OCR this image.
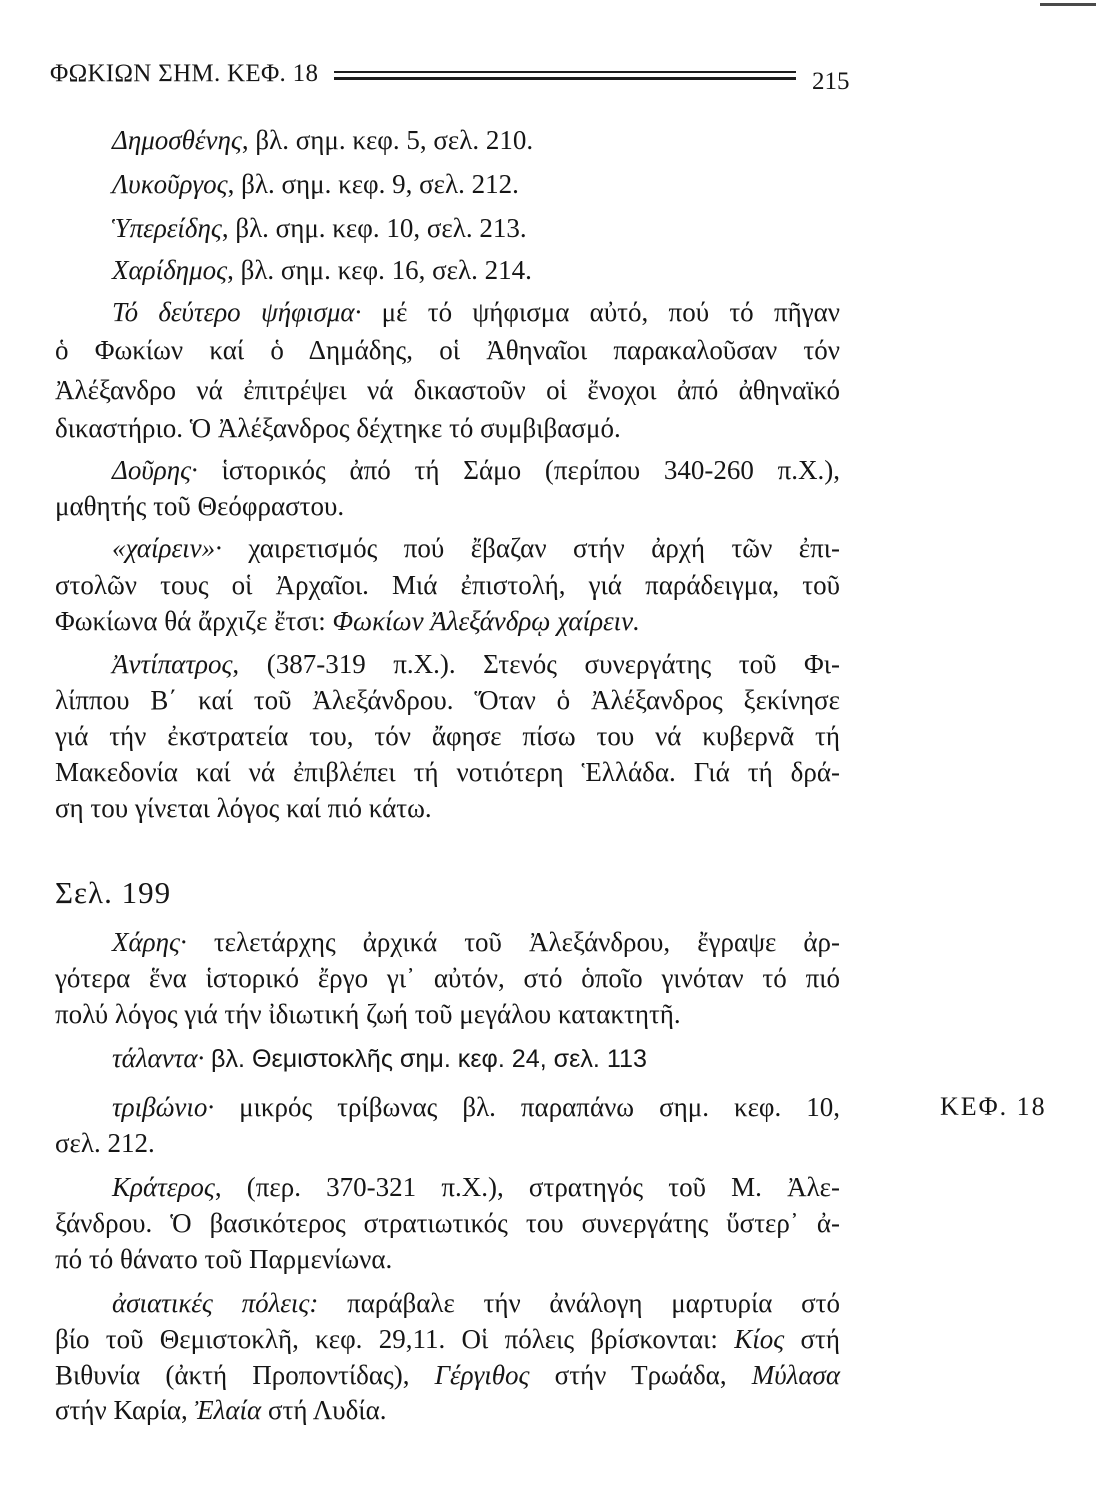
ΦΩΚΙΩΝ ΣΗΜ. ΚΕΦ. 18	215
Δημοσθένης, βλ. σημ. κεφ. 5, σελ. 210.
Λυκοῦργος, βλ. σημ. κεφ. 9, σελ. 212.
Ὑπερείδης, βλ. σημ. κεφ. 10, σελ. 213.
Χαρίδημος, βλ. σημ. κεφ. 16, σελ. 214.
Τό δεύτερο ψήφισμα· μέ τό ψήφισμα αὐτό, πού τό πῆγαν
ὁ Φωκίων καί ὁ Δημάδης, οἱ Ἀθηναῖοι παρακαλοῦσαν τόν
Ἀλέξανδρο νά ἐπιτρέψει νά δικαστοῦν οἱ ἔνοχοι ἀπό ἀθηναϊκό
δικαστήριο. Ὁ Ἀλέξανδρος δέχτηκε τό συμβιβασμό.
Δοῦρης· ἱστορικός ἀπό τή Σάμο (περίπου 340-260 π.Χ.),
μαθητής τοῦ Θεόφραστου.
«χαίρειν»· χαιρετισμός πού ἔβαζαν στήν ἀρχή τῶν ἐπι-
στολῶν τους οἱ Ἀρχαῖοι. Μιά ἐπιστολή, γιά παράδειγμα, τοῦ
Φωκίωνα θά ἄρχιζε ἔτσι: Φωκίων Ἀλεξάνδρῳ χαίρειν.
Ἀντίπατρος, (387-319 π.Χ.). Στενός συνεργάτης τοῦ Φι-
λίππου Β΄ καί τοῦ Ἀλεξάνδρου. Ὅταν ὁ Ἀλέξανδρος ξεκίνησε
γιά τήν ἐκστρατεία του, τόν ἄφησε πίσω του νά κυβερνᾶ τή
Μακεδονία καί νά ἐπιβλέπει τή νοτιότερη Ἑλλάδα. Γιά τή δρά-
ση του γίνεται λόγος καί πιό κάτω.
Σελ. 199
Χάρης· τελετάρχης ἀρχικά τοῦ Ἀλεξάνδρου, ἔγραψε ἀρ-
γότερα ἕνα ἱστορικό ἔργο γι᾽ αὐτόν, στό ὁποῖο γινόταν τό πιό
πολύ λόγος γιά τήν ἰδιωτική ζωή τοῦ μεγάλου κατακτητῆ.
τάλαντα· βλ. Θεμιστοκλῆς σημ. κεφ. 24, σελ. 113
τριβώνιο· μικρός τρίβωνας βλ. παραπάνω σημ. κεφ. 10,
σελ. 212.
ΚΕΦ. 18
Κράτερος, (περ. 370-321 π.Χ.), στρατηγός τοῦ Μ. Ἀλε-
ξάνδρου. Ὁ βασικότερος στρατιωτικός του συνεργάτης ὕστερ᾽ ἀ-
πό τό θάνατο τοῦ Παρμενίωνα.
ἀσιατικές πόλεις: παράβαλε τήν ἀνάλογη μαρτυρία στό
βίο τοῦ Θεμιστοκλῆ, κεφ. 29,11. Οἱ πόλεις βρίσκονται: Κίος στή
Βιθυνία (ἀκτή Προποντίδας), Γέργιθος στήν Τρωάδα, Μύλασα
στήν Καρία, Ἐλαία στή Λυδία.
